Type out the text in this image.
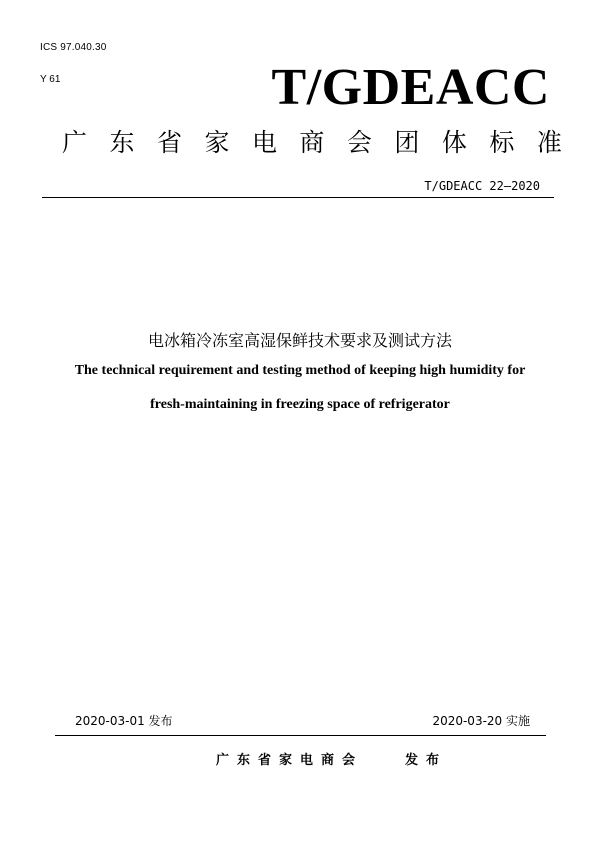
ICS 97.040.30
Y 61	T/GDEACC
广 东 省 家 电 商 会 团 体 标 准
T/GDEACC 22—2020
电冰箱冷冻室高湿保鲜技术要求及测试方法
The technical requirement and testing method of keeping high humidity for
fresh-maintaining in freezing space of refrigerator
2020-03-01 发布	2020-03-20 实施
广东省家电商会	发布
